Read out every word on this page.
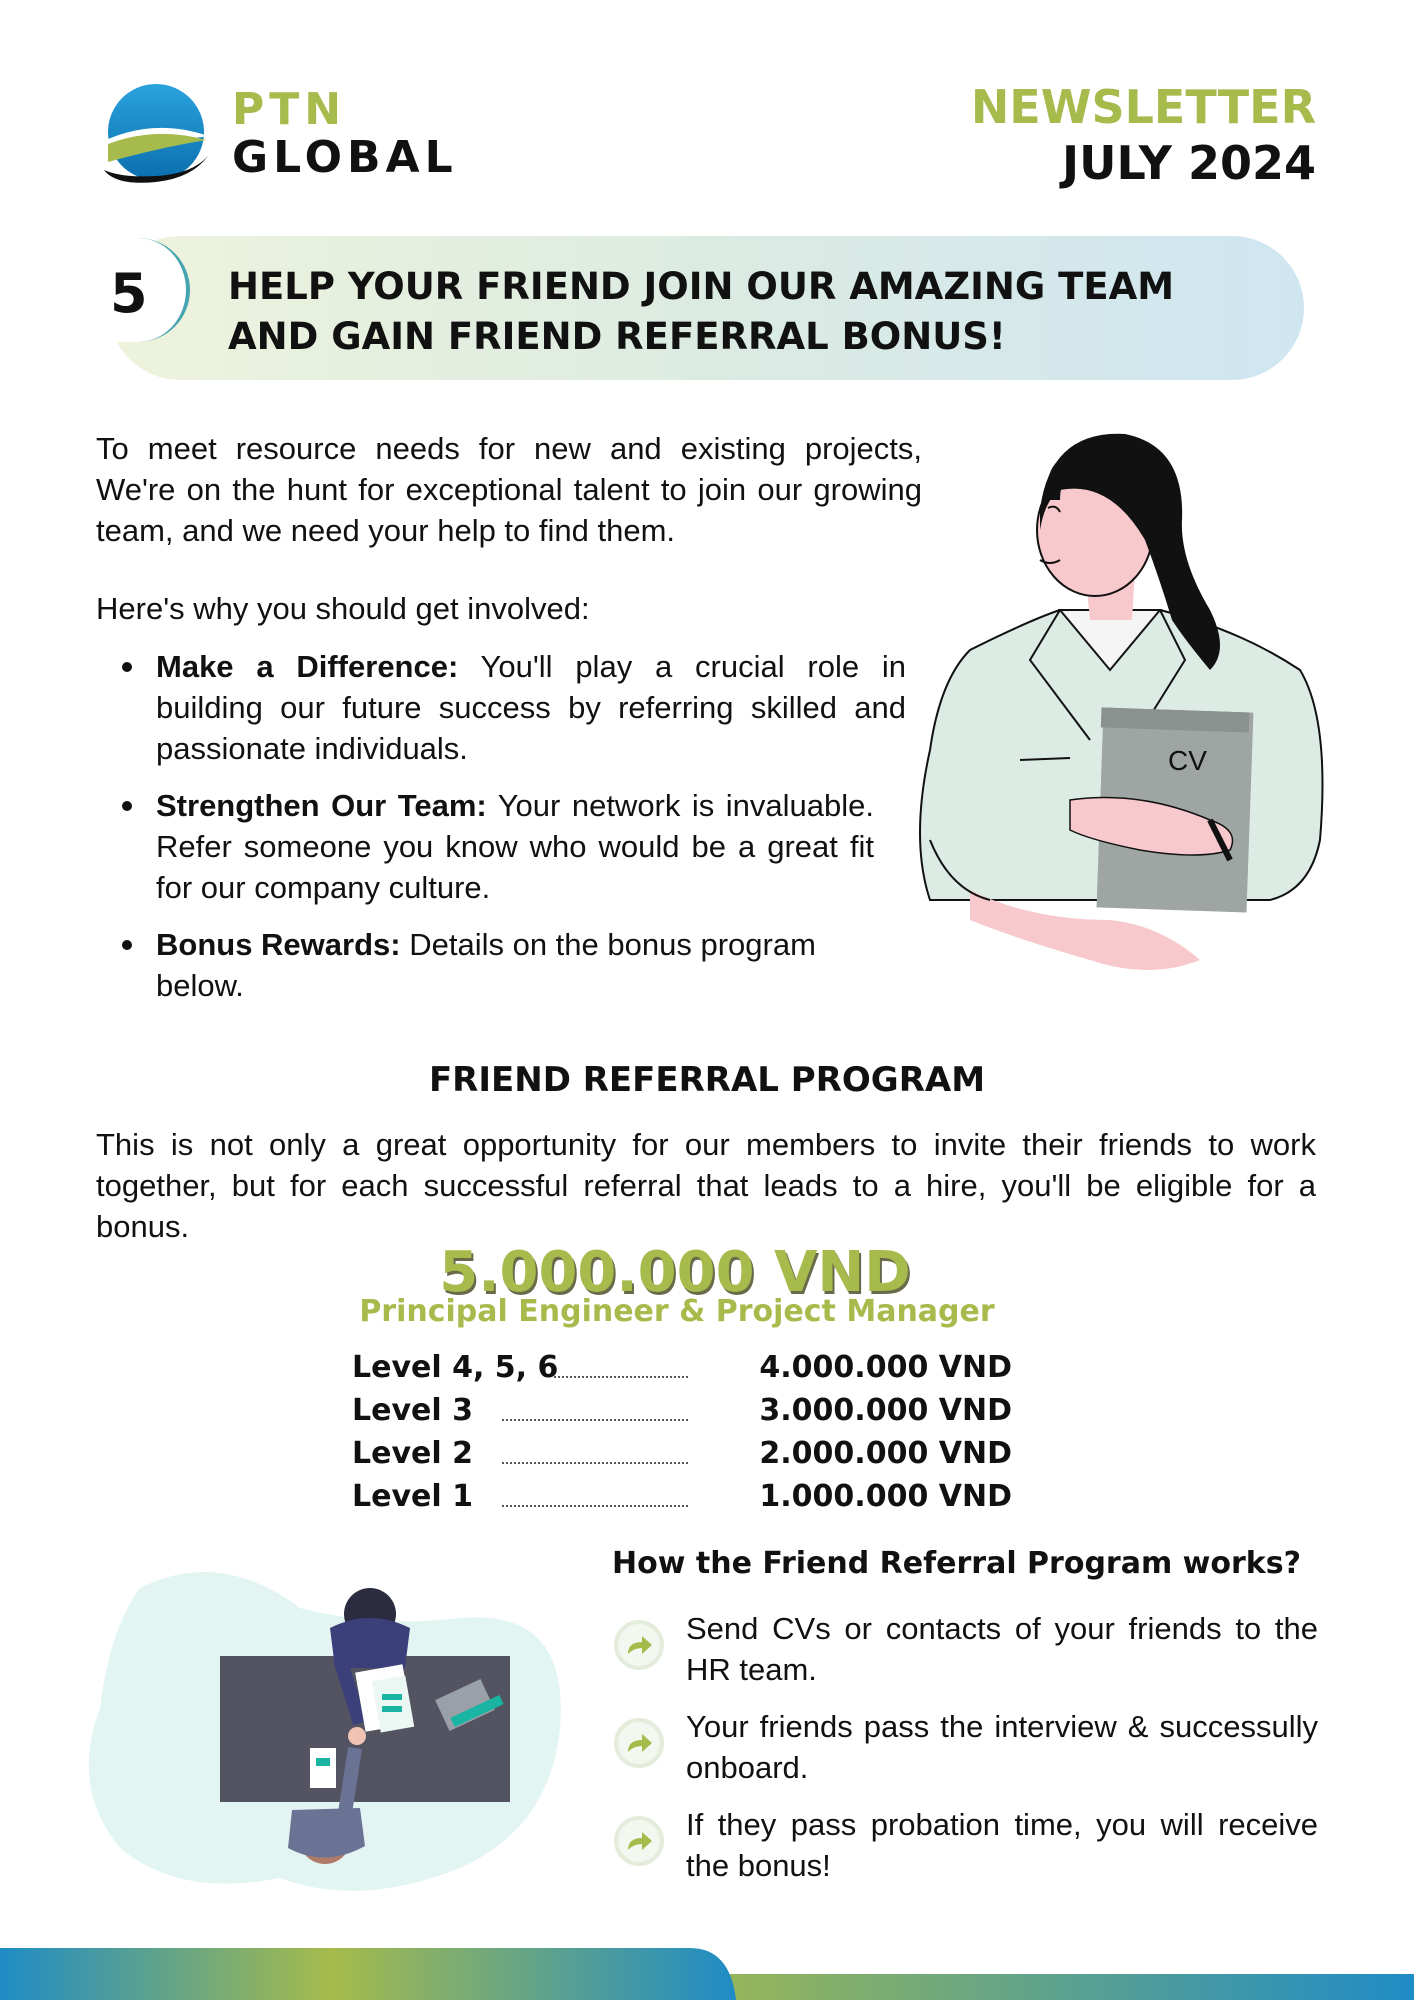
PTN
GLOBAL
NEWSLETTER
JULY 2024
5 HELP YOUR FRIEND JOIN OUR AMAZING TEAM AND GAIN FRIEND REFERRAL BONUS!
To meet resource needs for new and existing projects, We're on the hunt for exceptional talent to join our growing team, and we need your help to find them.
Here's why you should get involved:
Make a Difference: You'll play a crucial role in building our future success by referring skilled and passionate individuals.
Strengthen Our Team: Your network is invaluable. Refer someone you know who would be a great fit for our company culture.
Bonus Rewards: Details on the bonus program below.
CV
FRIEND REFERRAL PROGRAM
This is not only a great opportunity for our members to invite their friends to work together, but for each successful referral that leads to a hire, you'll be eligible for a bonus.
5.000.000 VND
Principal Engineer & Project Manager
Level 4, 5, 6	4.000.000 VND
Level 3	3.000.000 VND
Level 2	2.000.000 VND
Level 1	1.000.000 VND
How the Friend Referral Program works?
Send CVs or contacts of your friends to the HR team.
Your friends pass the interview & successully onboard.
If they pass probation time, you will receive the bonus!
